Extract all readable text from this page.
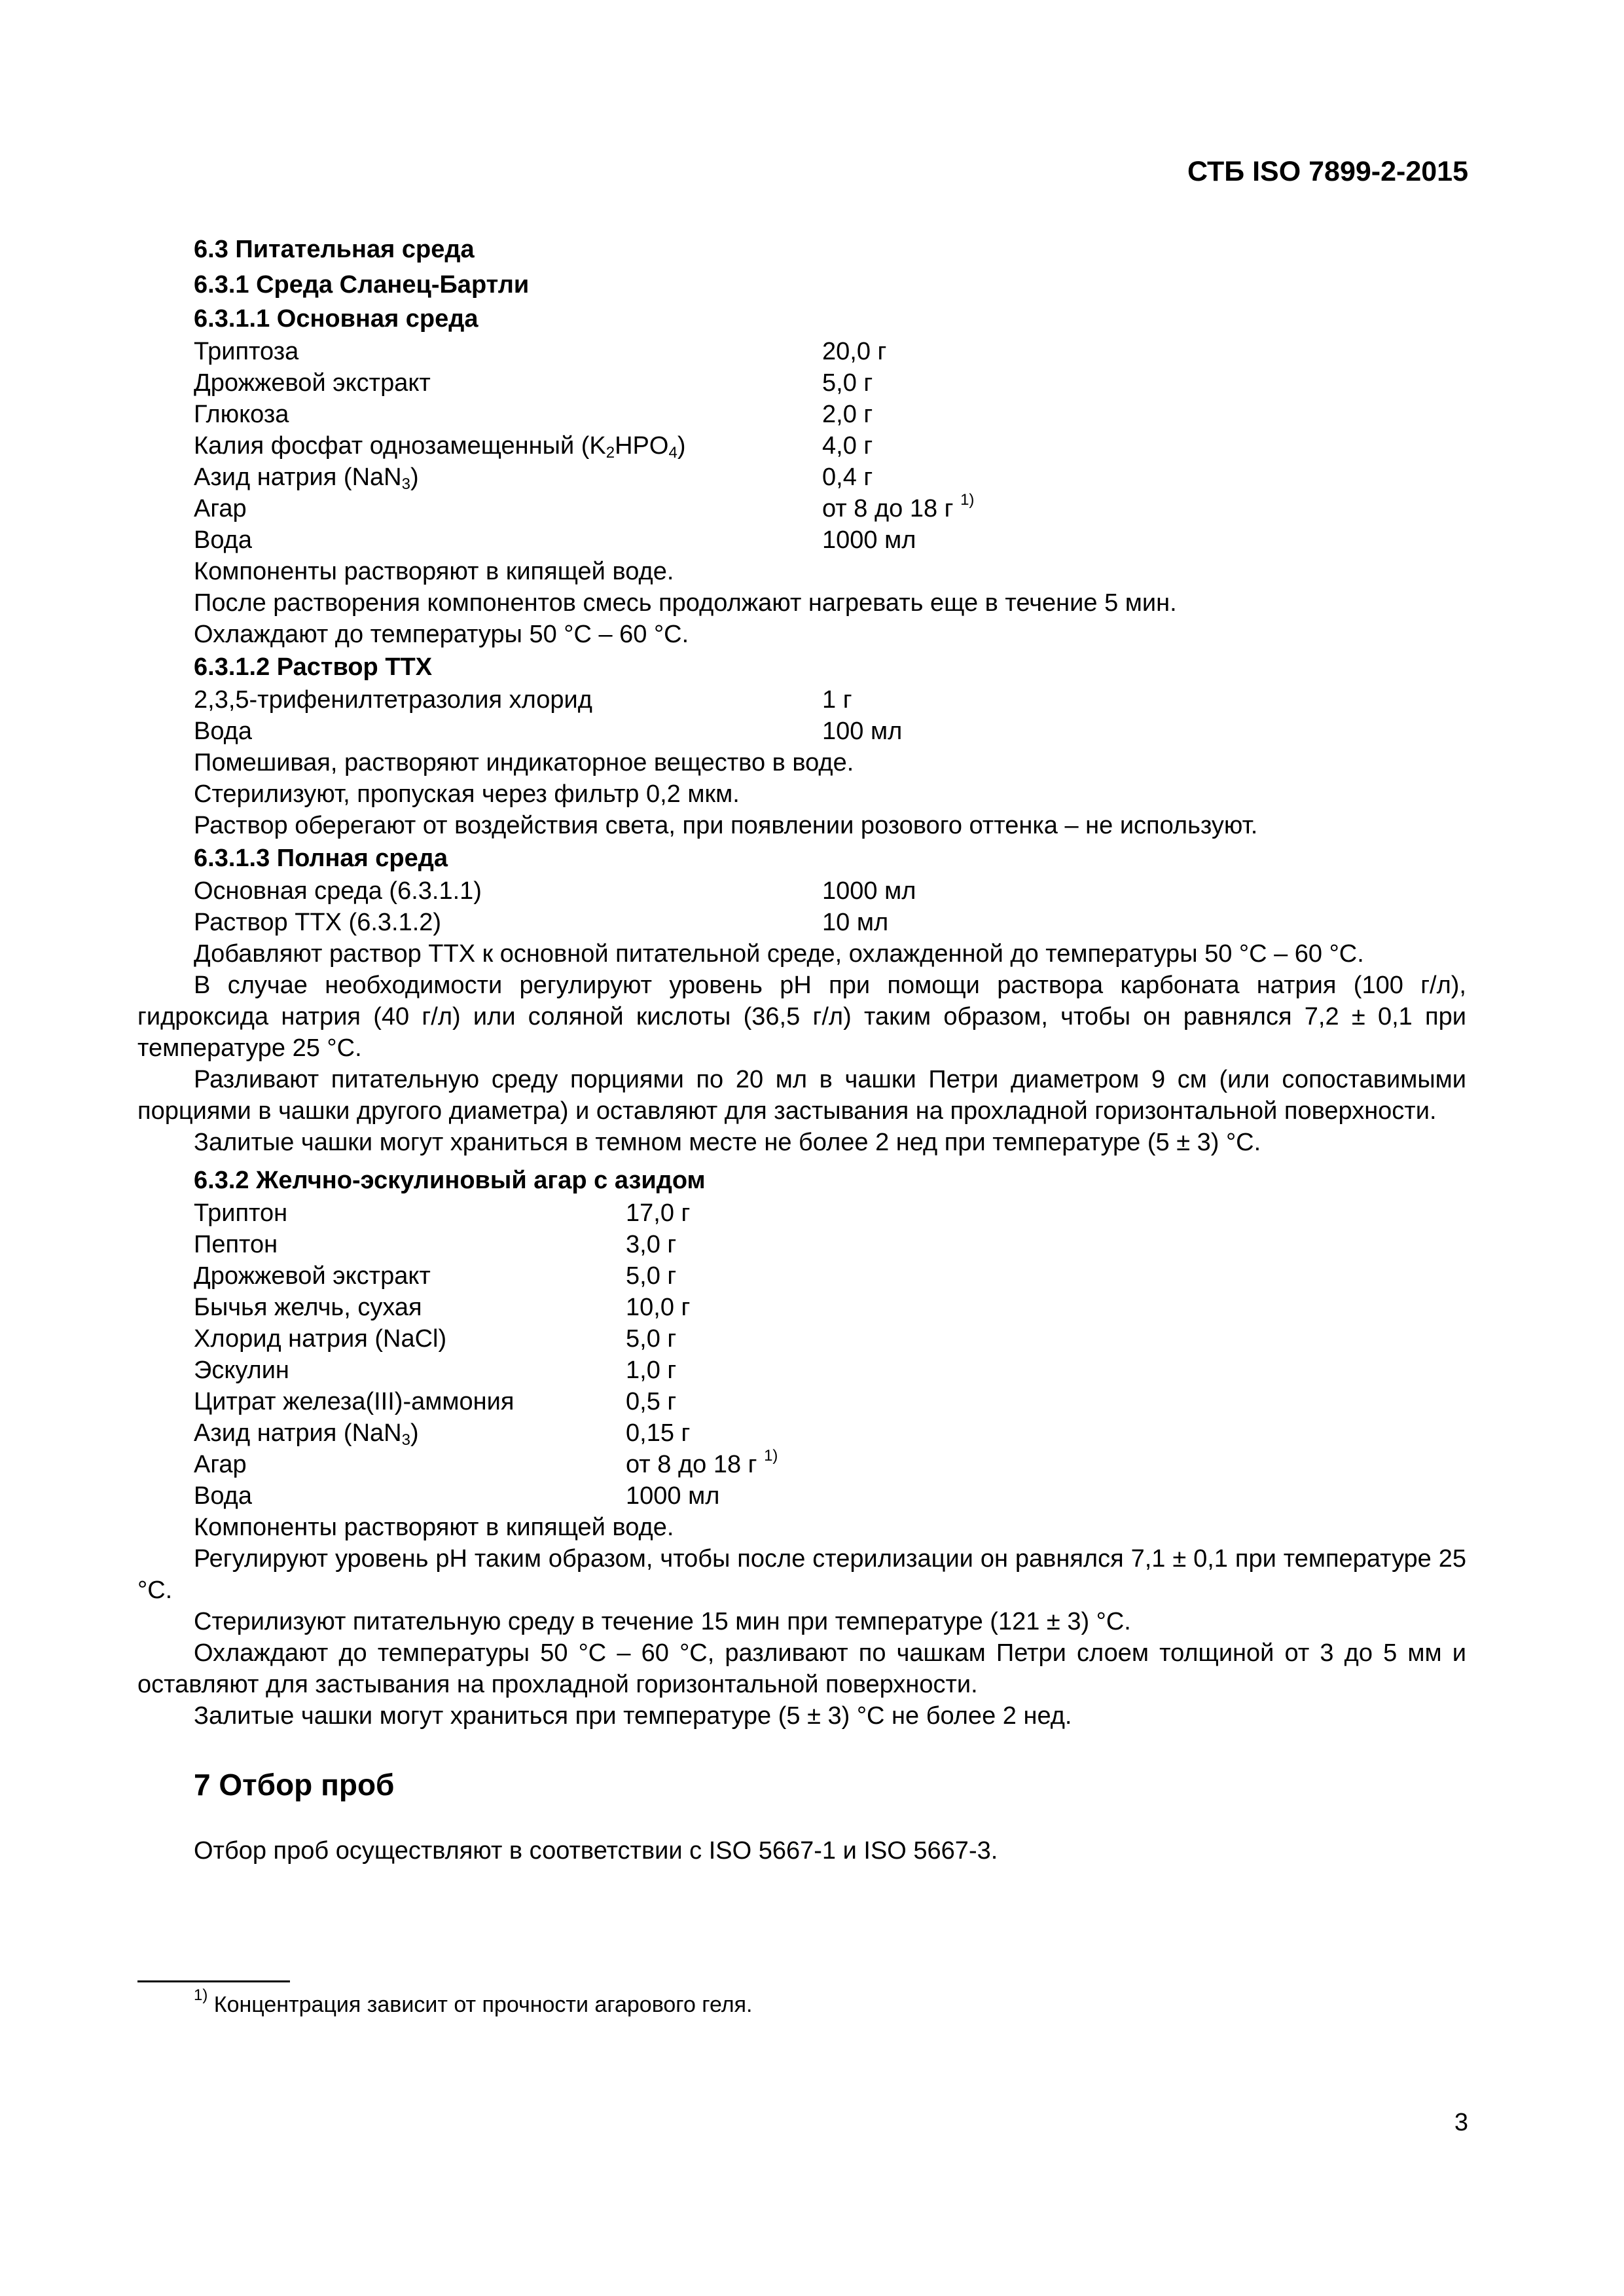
СТБ ISO 7899-2-2015
6.3 Питательная среда
6.3.1 Среда Сланец-Бартли
6.3.1.1 Основная среда
Триптоза	20,0 г
Дрожжевой экстракт	5,0 г
Глюкоза	2,0 г
Калия фосфат однозамещенный $(K_2HPO_4)$	4,0 г
Азид натрия (NaN$_3$)	0,4 г
Агар	от 8 до 18 г $^{1)}$
Вода	1000 мл
Компоненты растворяют в кипящей воде.
После растворения компонентов смесь продолжают нагревать еще в течение 5 мин.
Охлаждают до температуры 50 °С – 60 °С.
6.3.1.2 Раствор ТТХ
2,3,5-трифенилтетразолия хлорид	1 г
Вода	100 мл
Помешивая, растворяют индикаторное вещество в воде.
Стерилизуют, пропуская через фильтр 0,2 мкм.
Раствор оберегают от воздействия света, при появлении розового оттенка – не используют.
6.3.1.3 Полная среда
Основная среда (6.3.1.1)	1000 мл
Раствор ТТХ (6.3.1.2)	10 мл
Добавляют раствор ТТХ к основной питательной среде, охлажденной до температуры 50 °С – 60 °С.
В случае необходимости регулируют уровень рН при помощи раствора карбоната натрия (100 г/л), гидроксида натрия (40 г/л) или соляной кислоты (36,5 г/л) таким образом, чтобы он равнялся 7,2 ± 0,1 при температуре 25 °С.
Разливают питательную среду порциями по 20 мл в чашки Петри диаметром 9 см (или сопоставимыми порциями в чашки другого диаметра) и оставляют для застывания на прохладной горизонтальной поверхности.
Залитые чашки могут храниться в темном месте не более 2 нед при температуре (5 ± 3) °С.
6.3.2 Желчно-эскулиновый агар с азидом
Триптон	17,0 г
Пептон	3,0 г
Дрожжевой экстракт	5,0 г
Бычья желчь, сухая	10,0 г
Хлорид натрия (NaCl)	5,0 г
Эскулин	1,0 г
Цитрат железа(III)-аммония	0,5 г
Азид натрия (NaN$_3$)	0,15 г
Агар	от 8 до 18 г $^{1)}$
Вода	1000 мл
Компоненты растворяют в кипящей воде.
Регулируют уровень рН таким образом, чтобы после стерилизации он равнялся 7,1 ± 0,1 при температуре 25 °С.
Стерилизуют питательную среду в течение 15 мин при температуре (121 ± 3) °С.
Охлаждают до температуры 50 °С – 60 °С, разливают по чашкам Петри слоем толщиной от 3 до 5 мм и оставляют для застывания на прохладной горизонтальной поверхности.
Залитые чашки могут храниться при температуре (5 ± 3) °С не более 2 нед.
7 Отбор проб
Отбор проб осуществляют в соответствии с ISO 5667-1 и ISO 5667-3.
$^{1)}$ Концентрация зависит от прочности агарового геля.
3
